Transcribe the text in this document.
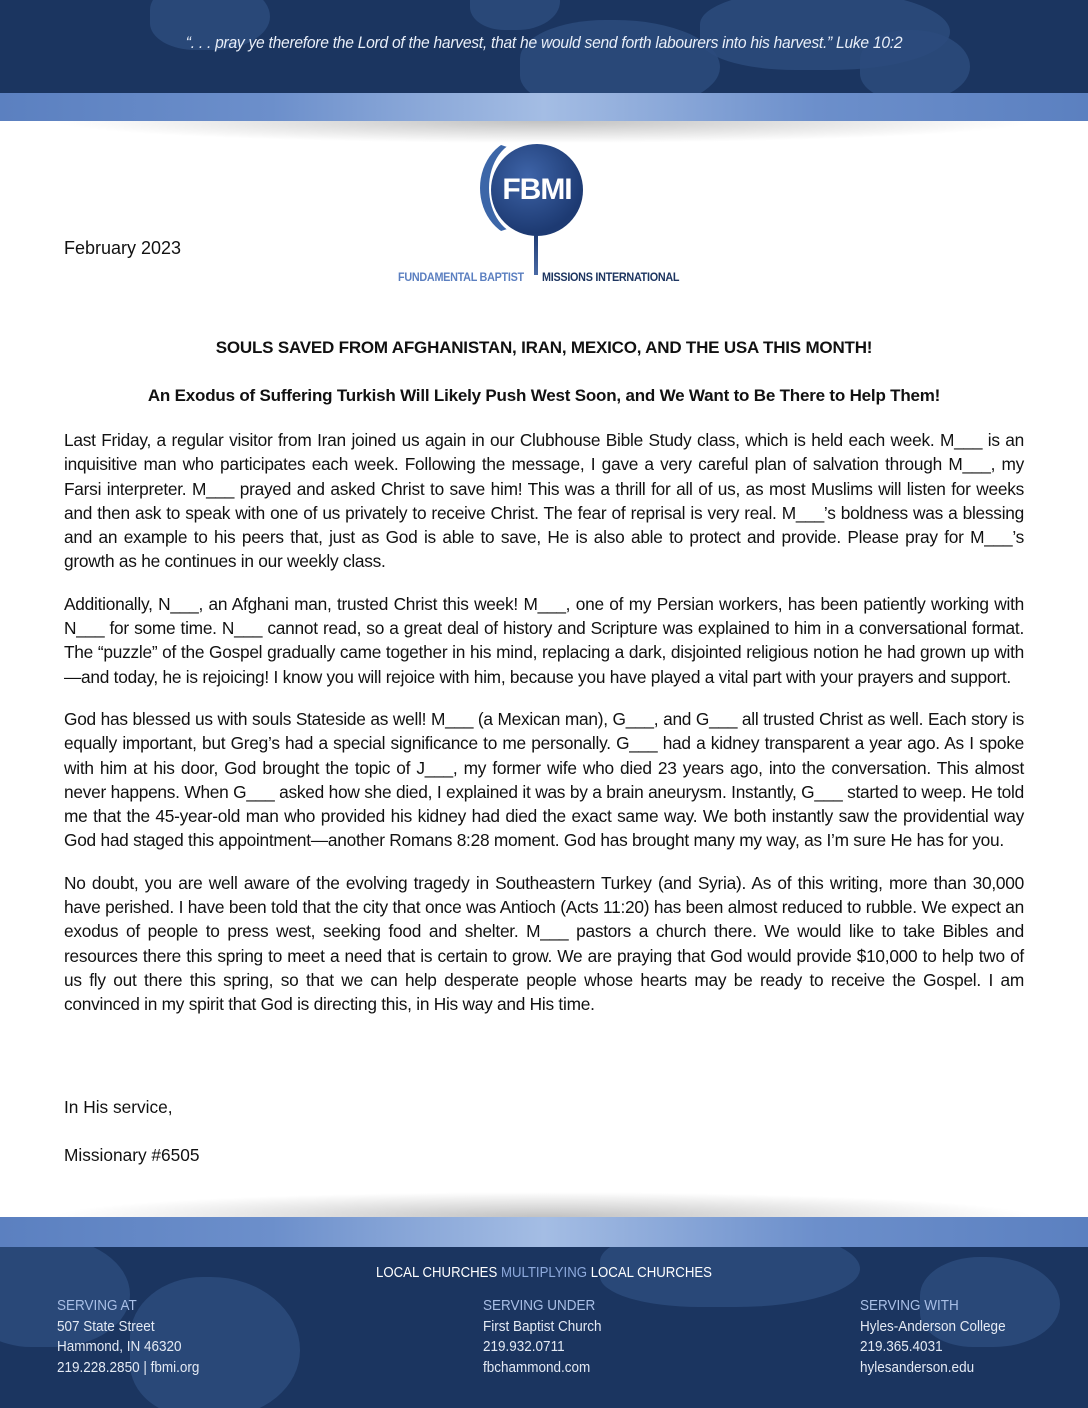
“. . . pray ye therefore the Lord of the harvest, that he would send forth labourers into his harvest.” Luke 10:2
FBMI
FUNDAMENTAL BAPTIST MISSIONS INTERNATIONAL
February 2023
SOULS SAVED FROM AFGHANISTAN, IRAN, MEXICO, AND THE USA THIS MONTH!
An Exodus of Suffering Turkish Will Likely Push West Soon, and We Want to Be There to Help Them!

Last Friday, a regular visitor from Iran joined us again in our Clubhouse Bible Study class, which is held each week. M___ is an inquisitive man who participates each week. Following the message, I gave a very careful plan of salvation through M___, my Farsi interpreter. M___ prayed and asked Christ to save him! This was a thrill for all of us, as most Muslims will listen for weeks and then ask to speak with one of us privately to receive Christ. The fear of reprisal is very real. M___’s boldness was a blessing and an example to his peers that, just as God is able to save, He is also able to protect and provide. Please pray for M___’s growth as he continues in our weekly class.

Additionally, N___, an Afghani man, trusted Christ this week! M___, one of my Persian workers, has been patiently working with N___ for some time. N___ cannot read, so a great deal of history and Scripture was explained to him in a conversational format. The “puzzle” of the Gospel gradually came together in his mind, replacing a dark, disjointed religious notion he had grown up with—and today, he is rejoicing! I know you will rejoice with him, because you have played a vital part with your prayers and support.

God has blessed us with souls Stateside as well! M___ (a Mexican man), G___, and G___ all trusted Christ as well. Each story is equally important, but Greg’s had a special significance to me personally. G___ had a kidney transparent a year ago. As I spoke with him at his door, God brought the topic of J___, my former wife who died 23 years ago, into the conversation. This almost never happens. When G___ asked how she died, I explained it was by a brain aneurysm. Instantly, G___ started to weep. He told me that the 45-year-old man who provided his kidney had died the exact same way. We both instantly saw the providential way God had staged this appointment—another Romans 8:28 moment. God has brought many my way, as I’m sure He has for you.

No doubt, you are well aware of the evolving tragedy in Southeastern Turkey (and Syria). As of this writing, more than 30,000 have perished. I have been told that the city that once was Antioch (Acts 11:20) has been almost reduced to rubble. We expect an exodus of people to press west, seeking food and shelter. M___ pastors a church there. We would like to take Bibles and resources there this spring to meet a need that is certain to grow. We are praying that God would provide $10,000 to help two of us fly out there this spring, so that we can help desperate people whose hearts may be ready to receive the Gospel. I am convinced in my spirit that God is directing this, in His way and His time.

In His service,
Missionary #6505
LOCAL CHURCHES MULTIPLYING LOCAL CHURCHES
SERVING AT
507 State Street
Hammond, IN 46320
219.228.2850 | fbmi.org
SERVING UNDER
First Baptist Church
219.932.0711
fbchammond.com
SERVING WITH
Hyles-Anderson College
219.365.4031
hylesanderson.edu
